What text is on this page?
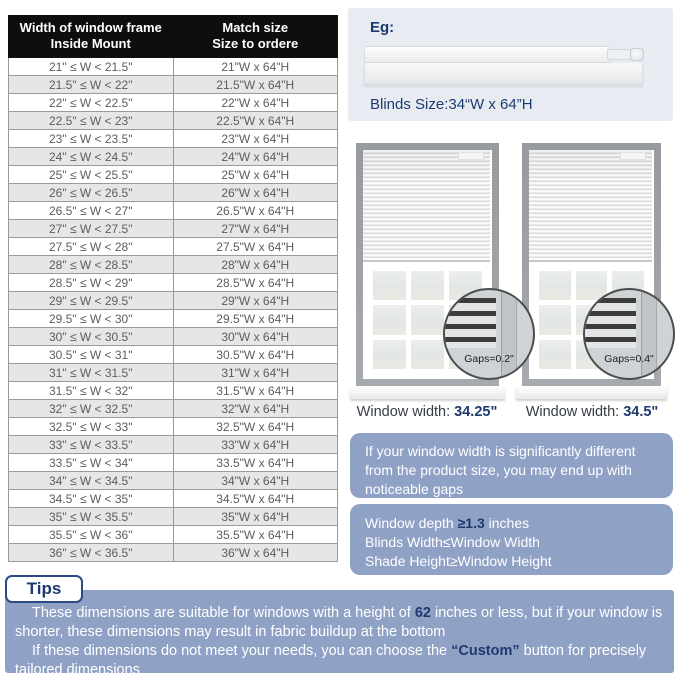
Width of window frame
Inside Mount

Match size
Size to ordere

21" ≤ W < 21.5"	21"W x 64"H
21.5" ≤ W < 22"	21.5"W x 64"H
22" ≤ W < 22.5"	22"W x 64"H
22.5" ≤ W < 23"	22.5"W x 64"H
23" ≤ W < 23.5"	23"W x 64"H
24" ≤ W < 24.5"	24"W x 64"H
25" ≤ W < 25.5"	25"W x 64"H
26" ≤ W < 26.5"	26"W x 64"H
26.5" ≤ W < 27"	26.5"W x 64"H
27" ≤ W < 27.5"	27"W x 64"H
27.5" ≤ W < 28"	27.5"W x 64"H
28" ≤ W < 28.5"	28"W x 64"H
28.5" ≤ W < 29"	28.5"W x 64"H
29" ≤ W < 29.5"	29"W x 64"H
29.5" ≤ W < 30"	29.5"W x 64"H
30" ≤ W < 30.5"	30"W x 64"H
30.5" ≤ W < 31"	30.5"W x 64"H
31" ≤ W < 31.5"	31"W x 64"H
31.5" ≤ W < 32"	31.5"W x 64"H
32" ≤ W < 32.5"	32"W x 64"H
32.5" ≤ W < 33"	32.5"W x 64"H
33" ≤ W < 33.5"	33"W x 64"H
33.5" ≤ W < 34"	33.5"W x 64"H
34" ≤ W < 34.5"	34"W x 64"H
34.5" ≤ W < 35"	34.5"W x 64"H
35" ≤ W < 35.5"	35"W x 64"H
35.5" ≤ W < 36"	35.5"W x 64"H
36" ≤ W < 36.5"	36"W x 64"H
Eg:
Blinds Size:34“W x 64”H
Gaps=0.2"
Window width: 34.25"
Gaps=0.4"
Window width: 34.5"
If your window width is significantly different from the product size, you may end up with noticeable gaps
Window depth ≥1.3 inches
Blinds Width≤Window Width
Shade Height≥Window Height
Tips

These dimensions are suitable for windows with a height of 62 inches or less, but if your window is shorter, these dimensions may result in fabric buildup at the bottom

If these dimensions do not meet your needs, you can choose the “Custom” button for precisely tailored dimensions
